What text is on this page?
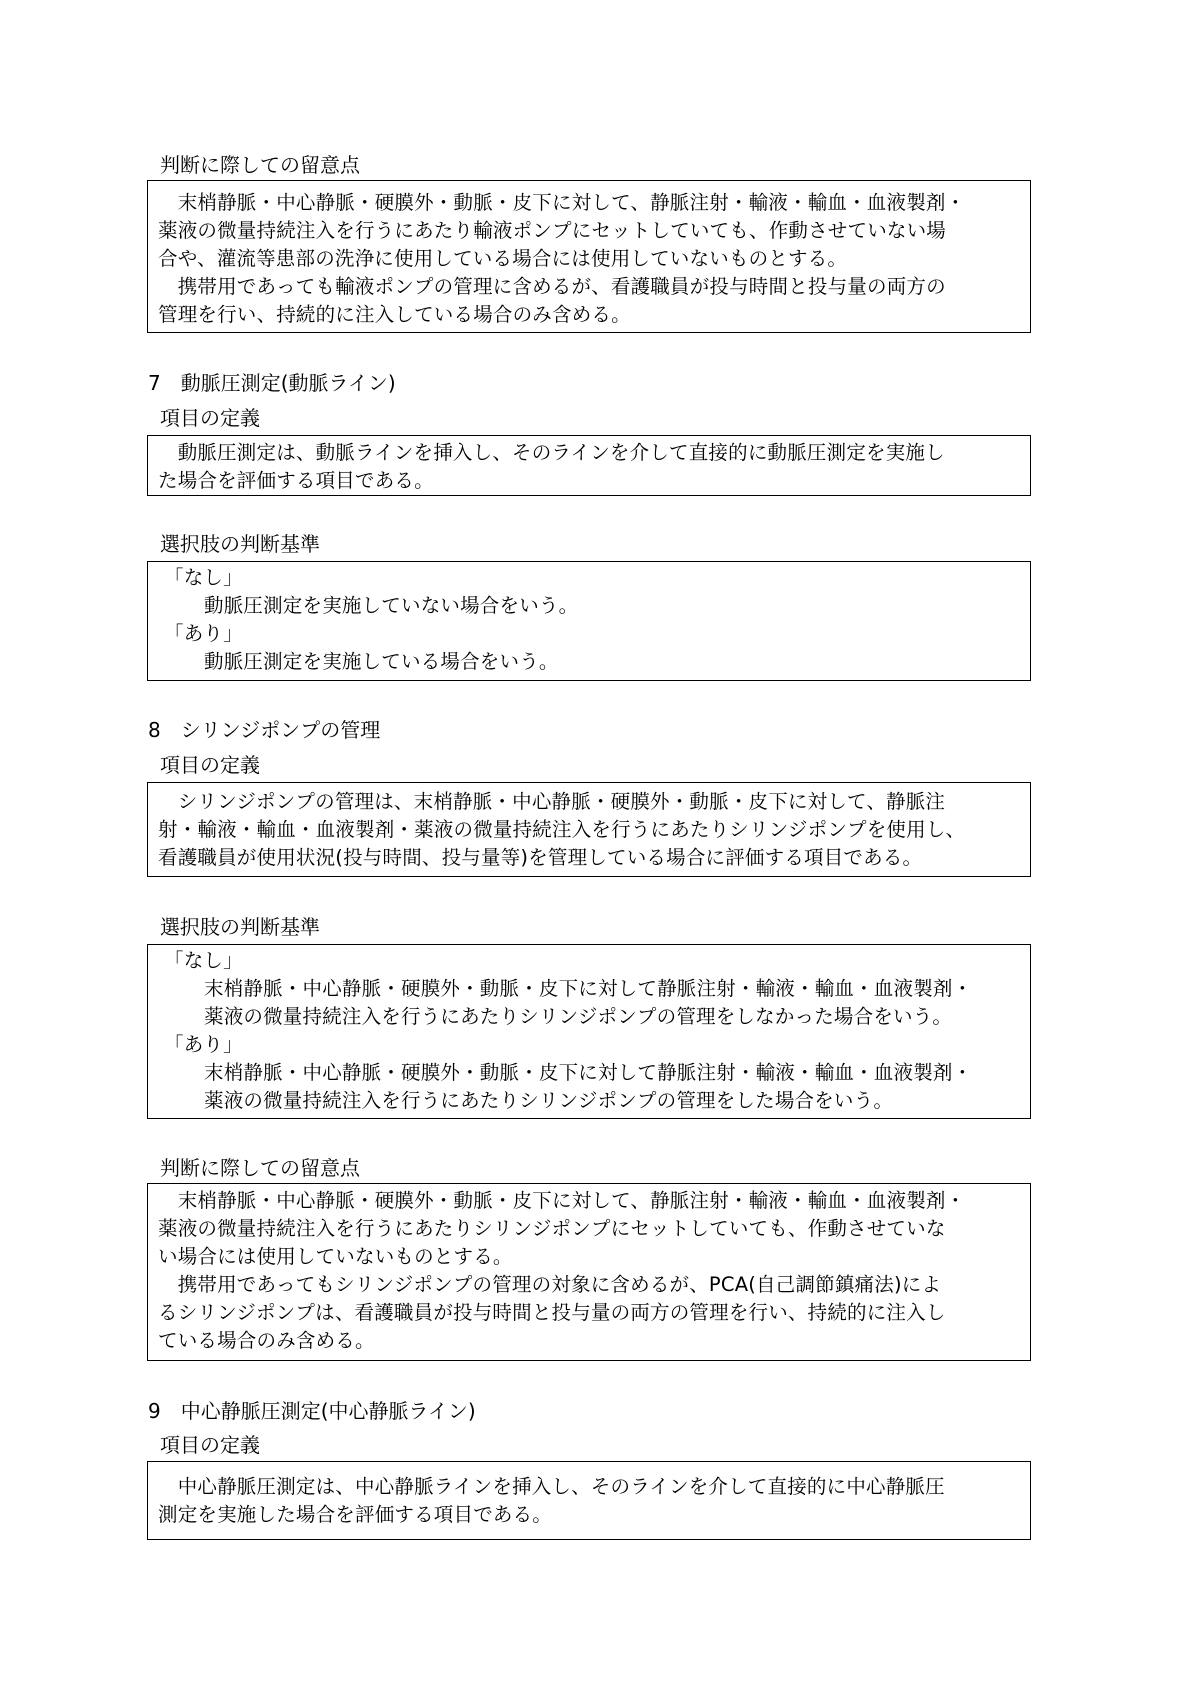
判断に際しての留意点
　末梢静脈・中心静脈・硬膜外・動脈・皮下に対して、静脈注射・輸液・輸血・血液製剤・
薬液の微量持続注入を行うにあたり輸液ポンプにセットしていても、作動させていない場
合や、灌流等患部の洗浄に使用している場合には使用していないものとする。
　携帯用であっても輸液ポンプの管理に含めるが、看護職員が投与時間と投与量の両方の
管理を行い、持続的に注入している場合のみ含める。
7　動脈圧測定(動脈ライン)
項目の定義
　動脈圧測定は、動脈ラインを挿入し、そのラインを介して直接的に動脈圧測定を実施し
た場合を評価する項目である。
選択肢の判断基準
「なし」
動脈圧測定を実施していない場合をいう。
「あり」
動脈圧測定を実施している場合をいう。
8　シリンジポンプの管理
項目の定義
　シリンジポンプの管理は、末梢静脈・中心静脈・硬膜外・動脈・皮下に対して、静脈注
射・輸液・輸血・血液製剤・薬液の微量持続注入を行うにあたりシリンジポンプを使用し、
看護職員が使用状況(投与時間、投与量等)を管理している場合に評価する項目である。
選択肢の判断基準
「なし」
末梢静脈・中心静脈・硬膜外・動脈・皮下に対して静脈注射・輸液・輸血・血液製剤・
薬液の微量持続注入を行うにあたりシリンジポンプの管理をしなかった場合をいう。
「あり」
末梢静脈・中心静脈・硬膜外・動脈・皮下に対して静脈注射・輸液・輸血・血液製剤・
薬液の微量持続注入を行うにあたりシリンジポンプの管理をした場合をいう。
判断に際しての留意点
　末梢静脈・中心静脈・硬膜外・動脈・皮下に対して、静脈注射・輸液・輸血・血液製剤・
薬液の微量持続注入を行うにあたりシリンジポンプにセットしていても、作動させていな
い場合には使用していないものとする。
　携帯用であってもシリンジポンプの管理の対象に含めるが、PCA(自己調節鎮痛法)によ
るシリンジポンプは、看護職員が投与時間と投与量の両方の管理を行い、持続的に注入し
ている場合のみ含める。
9　中心静脈圧測定(中心静脈ライン)
項目の定義
　中心静脈圧測定は、中心静脈ラインを挿入し、そのラインを介して直接的に中心静脈圧
測定を実施した場合を評価する項目である。
